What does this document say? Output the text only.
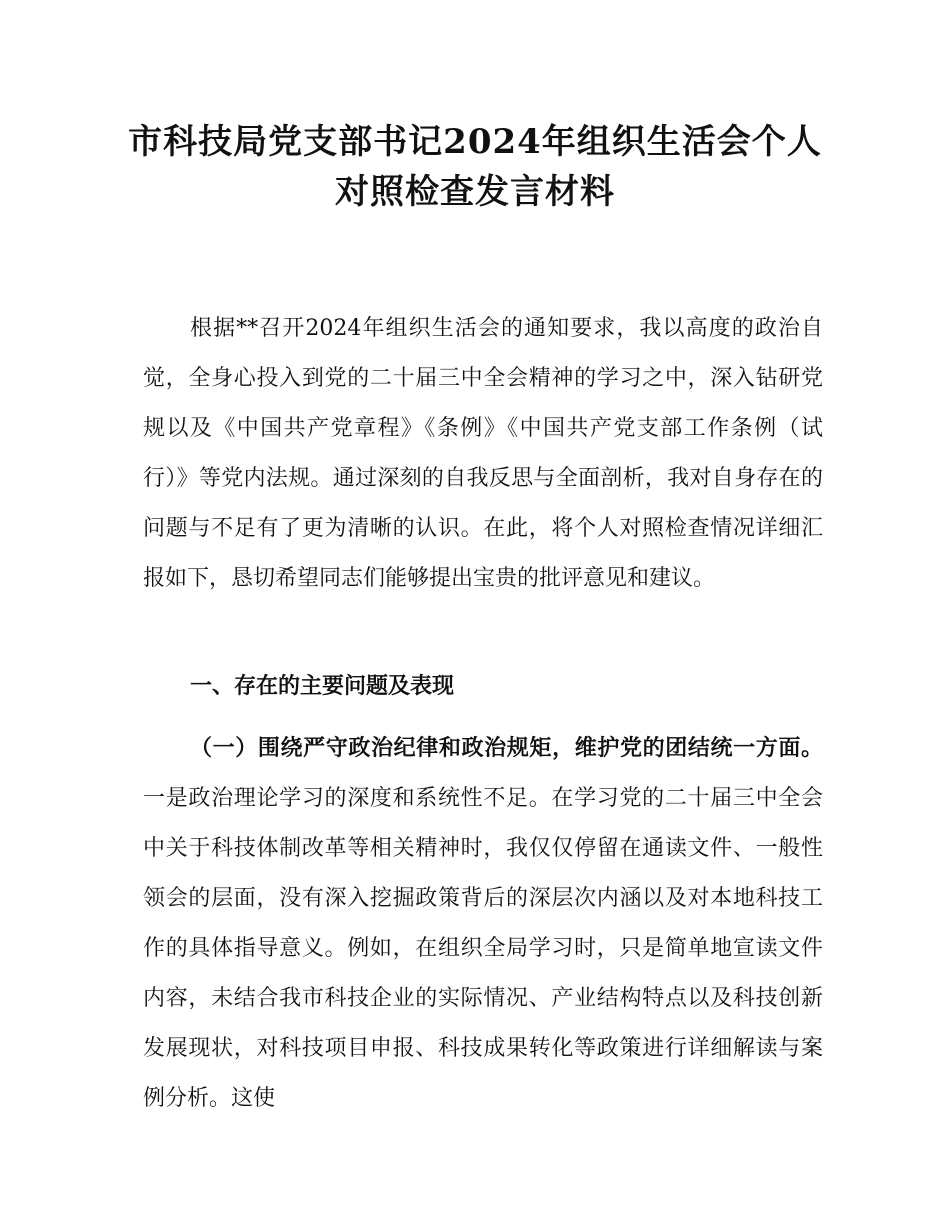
市科技局党支部书记2024年组织生活会个人
对照检查发言材料
根据**召开2024年组织生活会的通知要求，我以高度的政治自觉，全身心投入到党的二十届三中全会精神的学习之中，深入钻研党规以及《中国共产党章程》《条例》《中国共产党支部工作条例（试行）》等党内法规。通过深刻的自我反思与全面剖析，我对自身存在的问题与不足有了更为清晰的认识。在此，将个人对照检查情况详细汇报如下，恳切希望同志们能够提出宝贵的批评意见和建议。
一、存在的主要问题及表现
（一）围绕严守政治纪律和政治规矩，维护党的团结统一方面。一是政治理论学习的深度和系统性不足。在学习党的二十届三中全会中关于科技体制改革等相关精神时，我仅仅停留在通读文件、一般性领会的层面，没有深入挖掘政策背后的深层次内涵以及对本地科技工作的具体指导意义。例如，在组织全局学习时，只是简单地宣读文件内容，未结合我市科技企业的实际情况、产业结构特点以及科技创新发展现状，对科技项目申报、科技成果转化等政策进行详细解读与案例分析。这使
